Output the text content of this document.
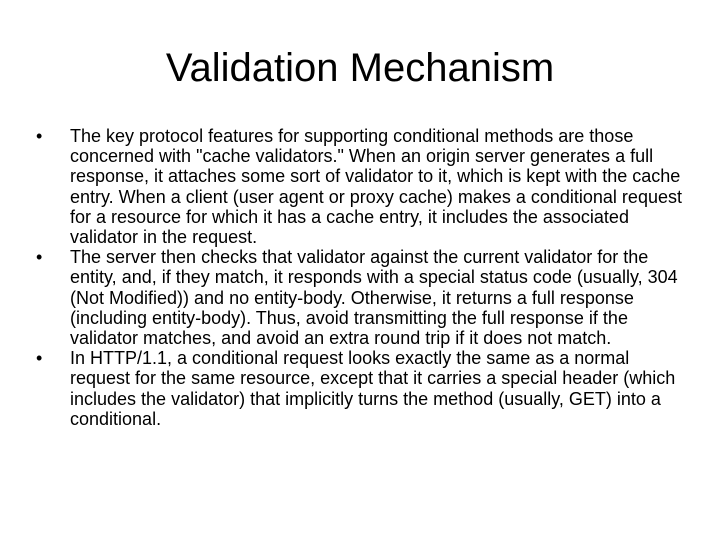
Validation Mechanism
•	The key protocol features for supporting conditional methods are those concerned with "cache validators." When an origin server generates a full response, it attaches some sort of validator to it, which is kept with the cache entry. When a client (user agent or proxy cache) makes a conditional request for a resource for which it has a cache entry, it includes the associated validator in the request.
•	The server then checks that validator against the current validator for the entity, and, if they match, it responds with a special status code (usually, 304 (Not Modified)) and no entity-body. Otherwise, it returns a full response (including entity-body). Thus, avoid transmitting the full response if the validator matches, and avoid an extra round trip if it does not match.
•	In HTTP/1.1, a conditional request looks exactly the same as a normal request for the same resource, except that it carries a special header (which includes the validator) that implicitly turns the method (usually, GET) into a conditional.
